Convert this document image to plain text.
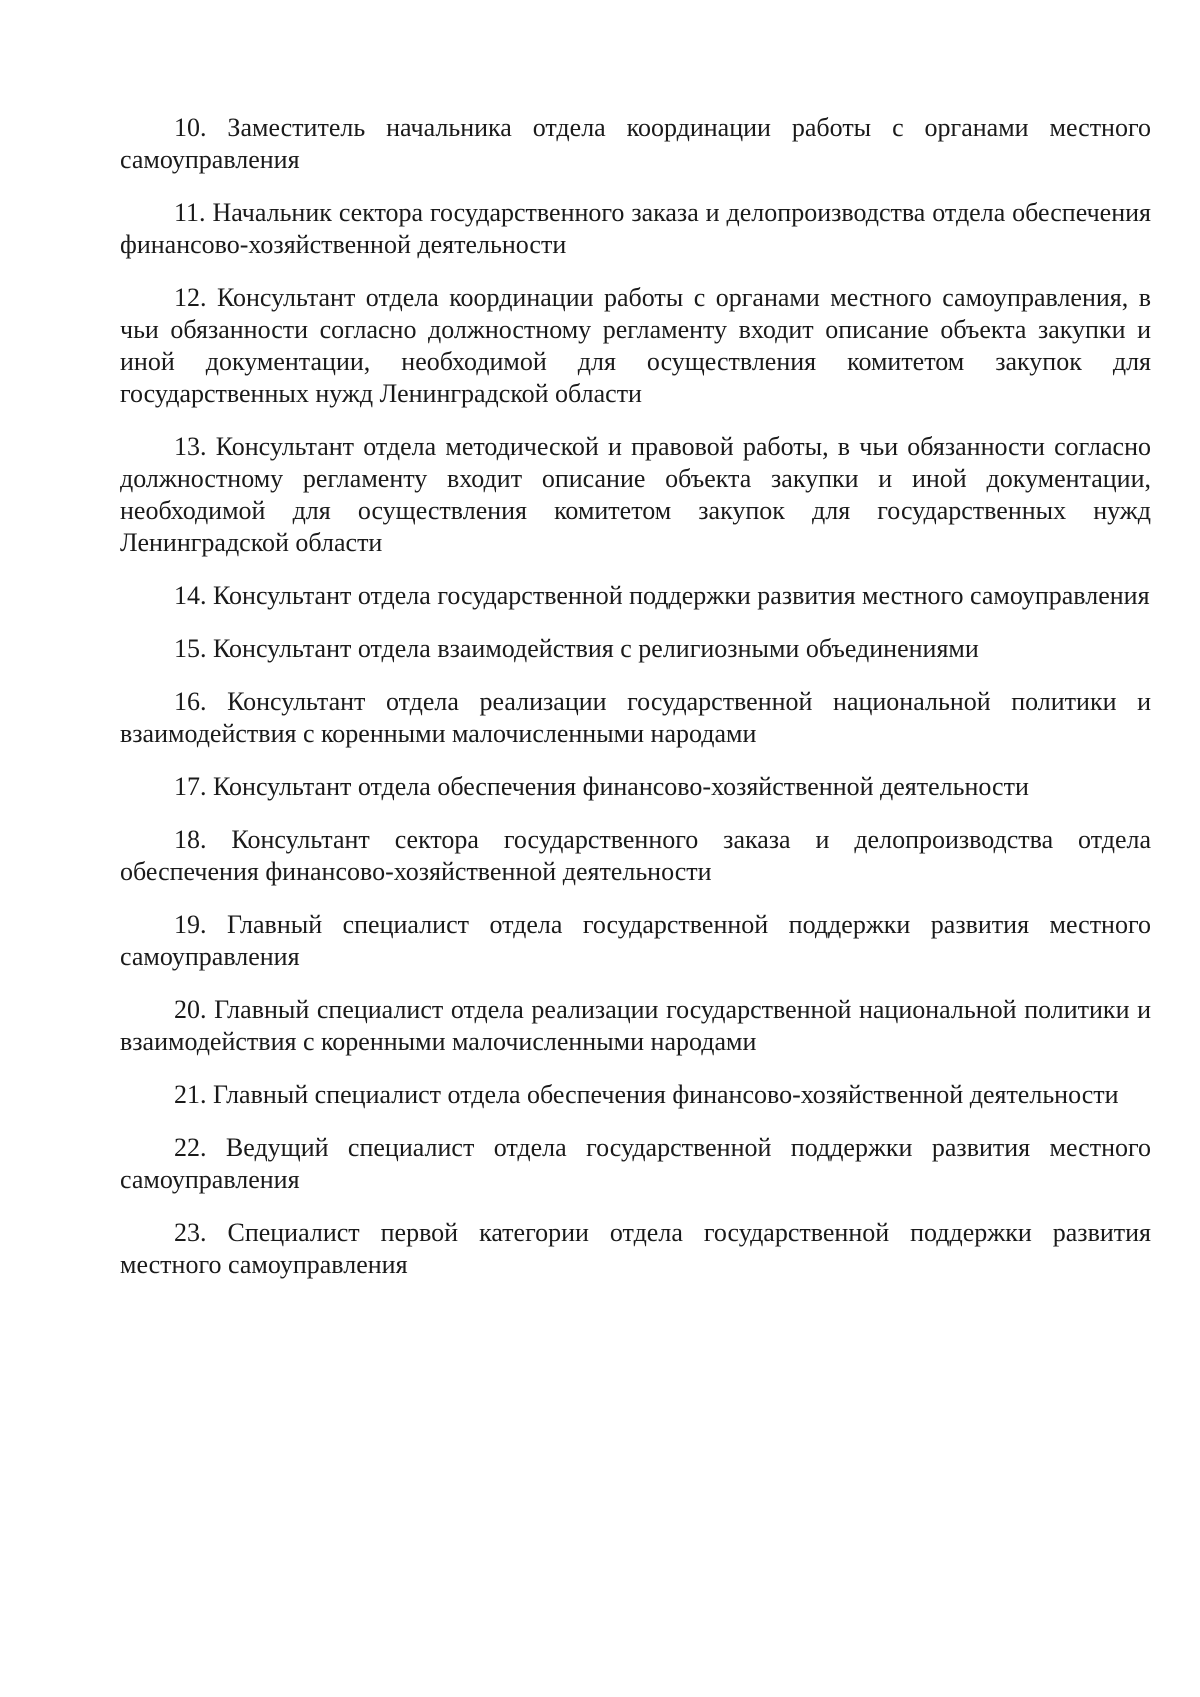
10. Заместитель начальника отдела координации работы с органами местного самоуправления

11. Начальник сектора государственного заказа и делопроизводства отдела обеспечения финансово-хозяйственной деятельности

12. Консультант отдела координации работы с органами местного самоуправления, в чьи обязанности согласно должностному регламенту входит описание объекта закупки и иной документации, необходимой для осуществления комитетом закупок для государственных нужд Ленинградской области

13. Консультант отдела методической и правовой работы, в чьи обязанности согласно должностному регламенту входит описание объекта закупки и иной документации, необходимой для осуществления комитетом закупок для государственных нужд Ленинградской области

14. Консультант отдела государственной поддержки развития местного самоуправления

15. Консультант отдела взаимодействия с религиозными объединениями

16. Консультант отдела реализации государственной национальной политики и взаимодействия с коренными малочисленными народами

17. Консультант отдела обеспечения финансово-хозяйственной деятельности

18. Консультант сектора государственного заказа и делопроизводства отдела обеспечения финансово-хозяйственной деятельности

19. Главный специалист отдела государственной поддержки развития местного самоуправления

20. Главный специалист отдела реализации государственной национальной политики и взаимодействия с коренными малочисленными народами

21. Главный специалист отдела обеспечения финансово-хозяйственной деятельности

22. Ведущий специалист отдела государственной поддержки развития местного самоуправления

23. Специалист первой категории отдела государственной поддержки развития местного самоуправления
